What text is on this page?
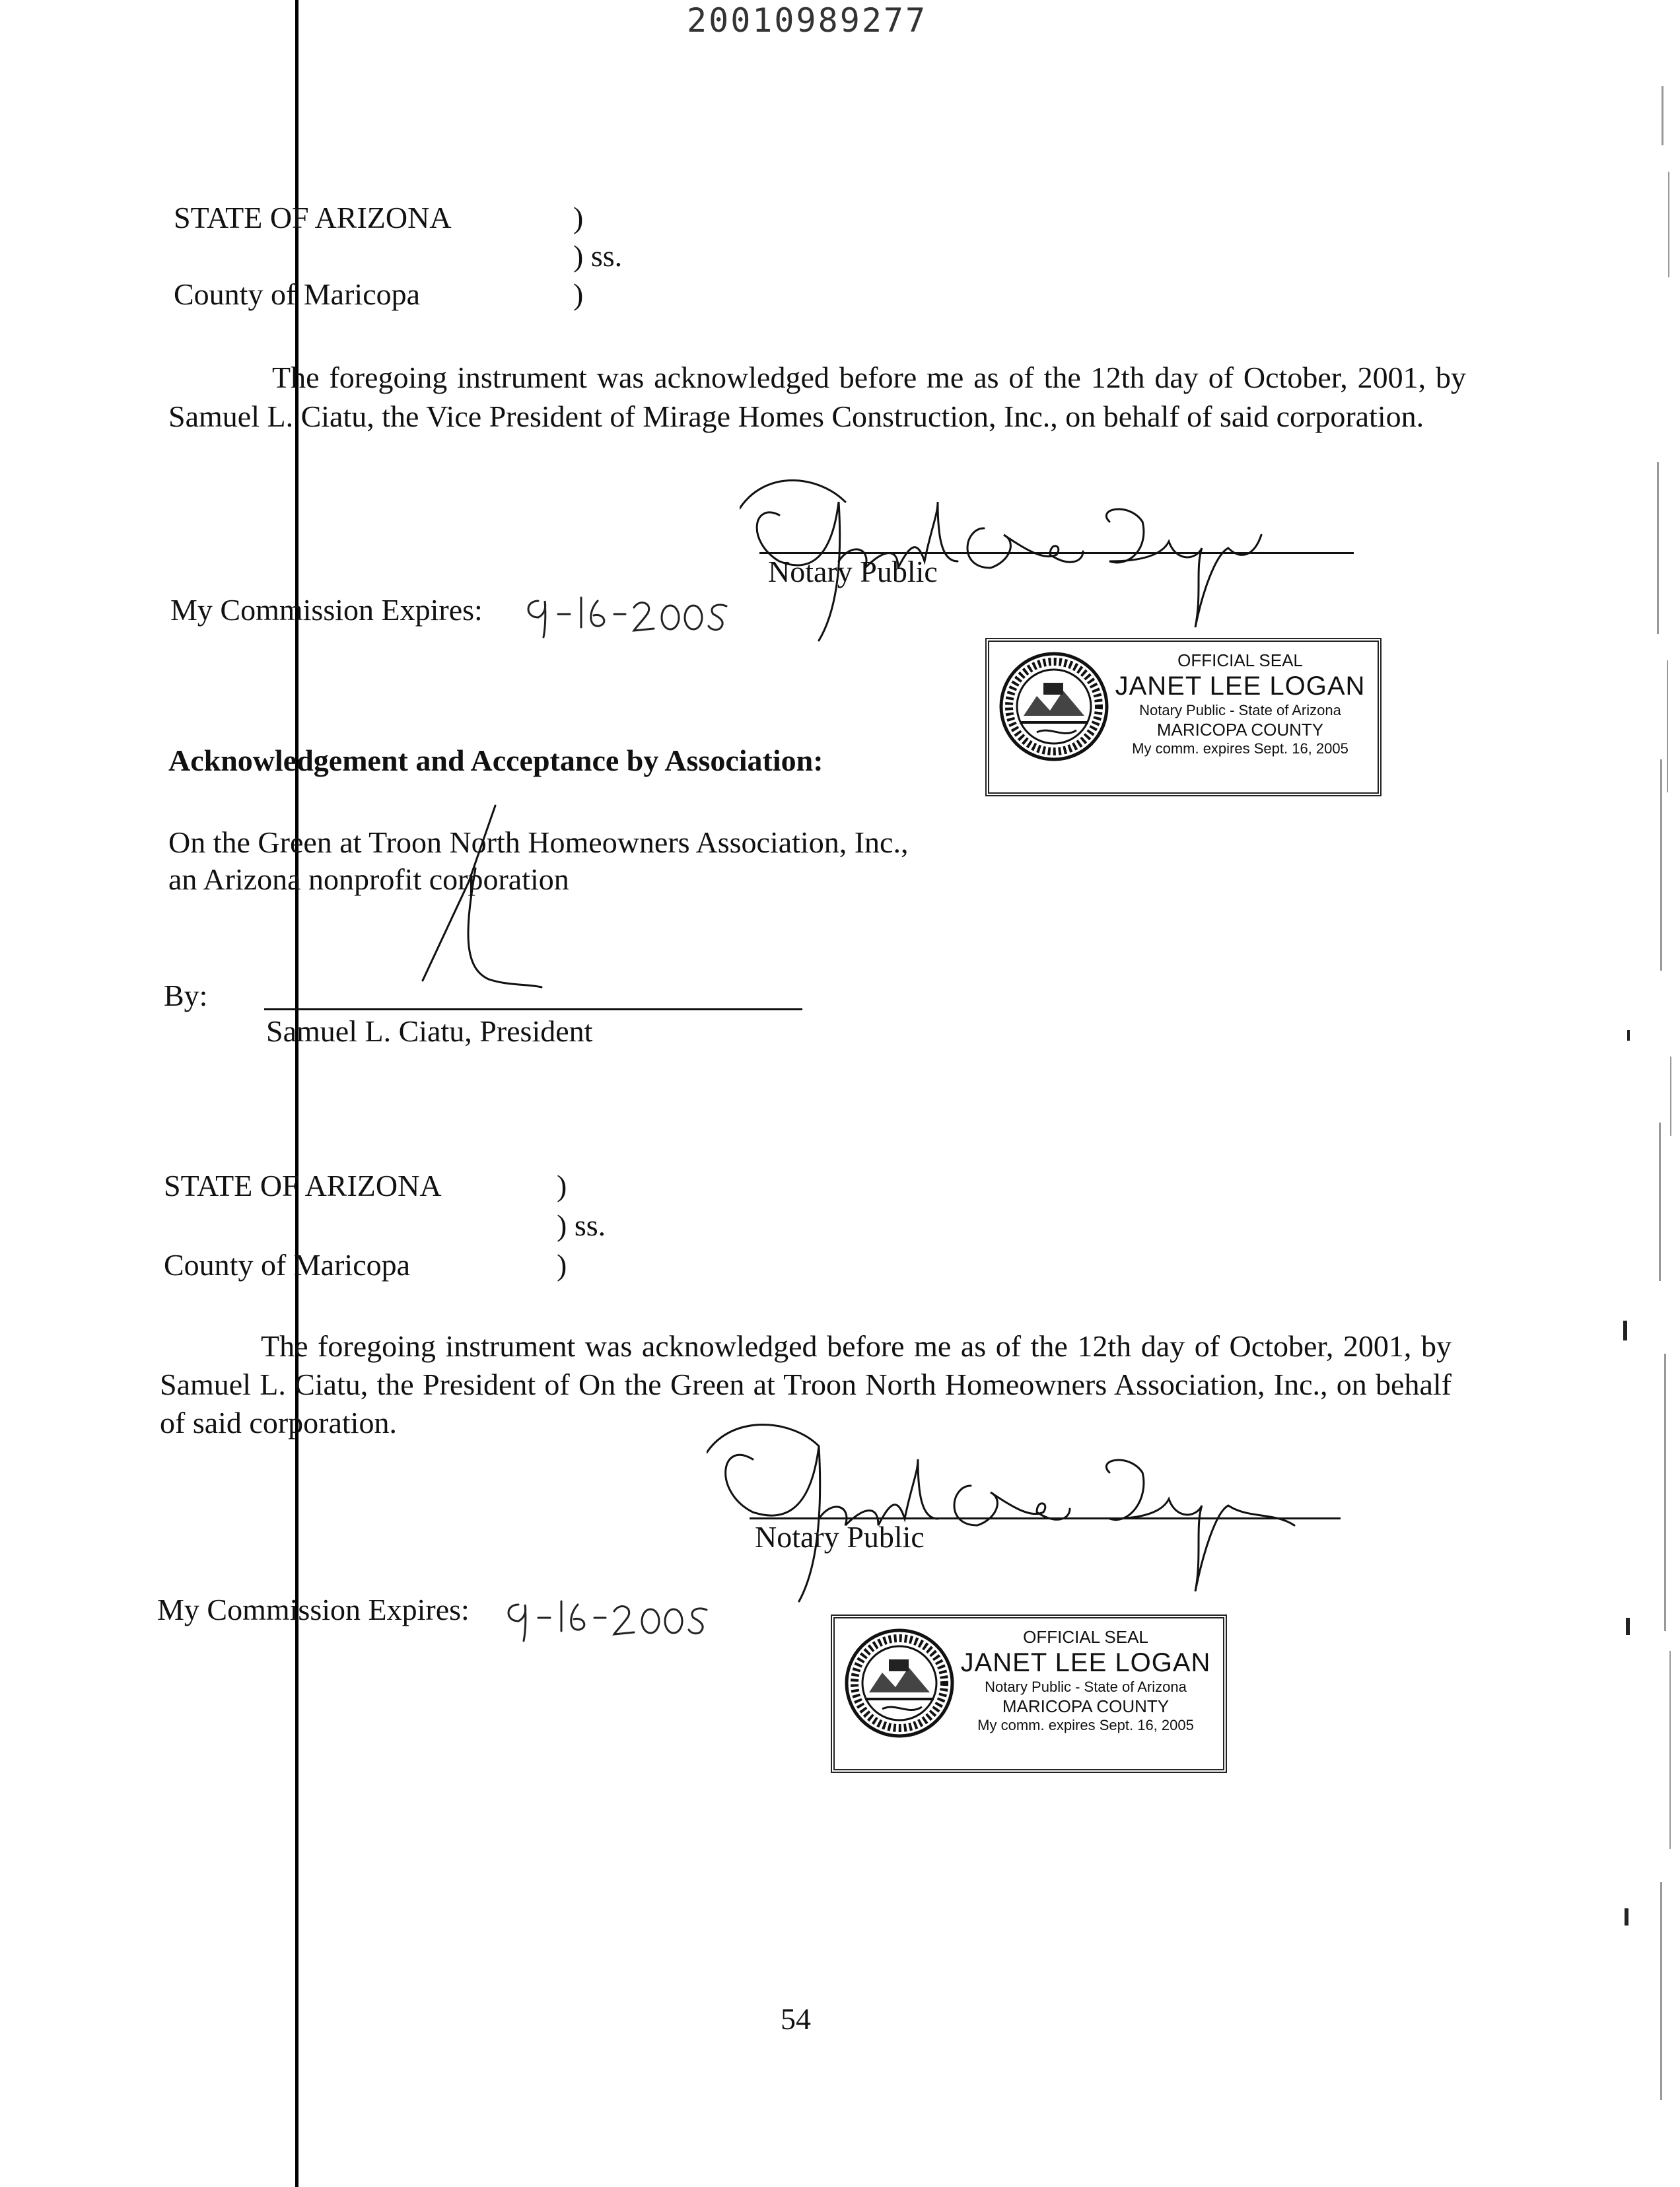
20010989277
STATE OF ARIZONA	)
) ss.
County of Maricopa	)
The foregoing instrument was acknowledged before me as of the 12th day of October, 2001, by Samuel L. Ciatu, the Vice President of Mirage Homes Construction, Inc., on behalf of said corporation.
Notary Public
My Commission Expires:
OFFICIAL SEAL
JANET LEE LOGAN
Notary Public - State of Arizona
MARICOPA COUNTY
My comm. expires Sept. 16, 2005
Acknowledgement and Acceptance by Association:
On the Green at Troon North Homeowners Association, Inc.,
an Arizona nonprofit corporation
By:
Samuel L. Ciatu, President
STATE OF ARIZONA	)
) ss.
County of Maricopa	)
The foregoing instrument was acknowledged before me as of the 12th day of October, 2001, by Samuel L. Ciatu, the President of On the Green at Troon North Homeowners Association, Inc., on behalf of said corporation.
Notary Public
My Commission Expires:
OFFICIAL SEAL
JANET LEE LOGAN
Notary Public - State of Arizona
MARICOPA COUNTY
My comm. expires Sept. 16, 2005
54
